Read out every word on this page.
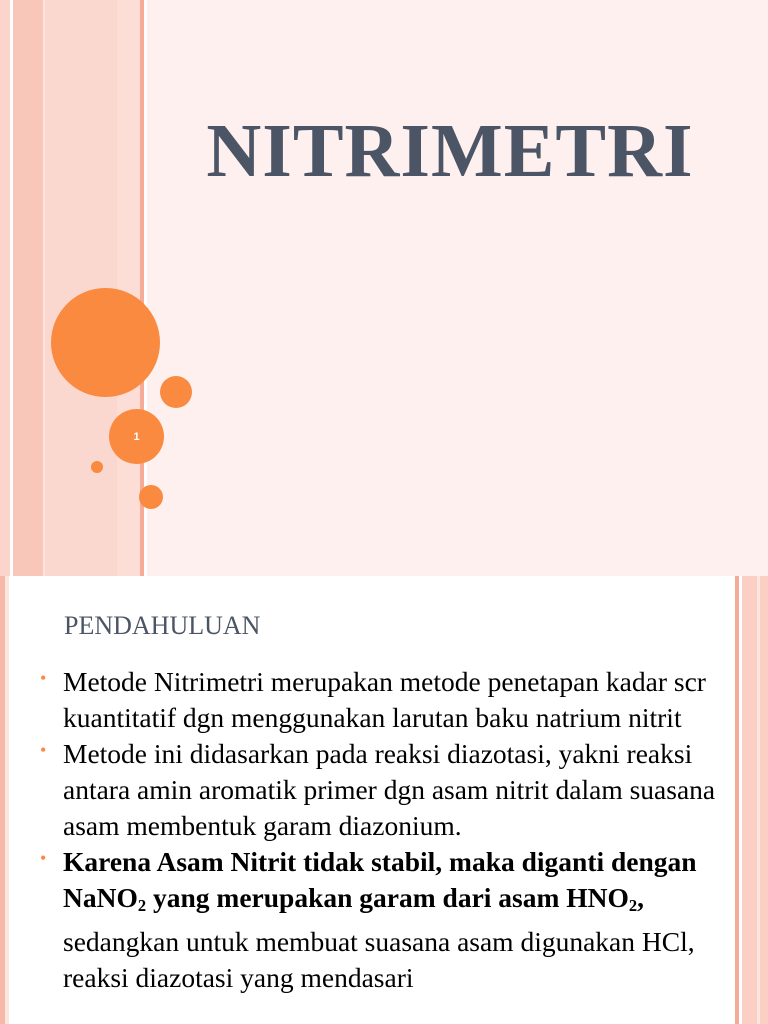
1
NITRIMETRI
PENDAHULUAN
• Metode Nitrimetri merupakan metode penetapan kadar scr kuantitatif dgn menggunakan larutan baku natrium nitrit
• Metode ini didasarkan pada reaksi diazotasi, yakni reaksi antara amin aromatik primer dgn asam nitrit dalam suasana asam membentuk garam diazonium.
• Karena Asam Nitrit tidak stabil, maka diganti dengan NaNO$_2$ yang merupakan garam dari asam $HNO_2$, sedangkan untuk membuat suasana asam digunakan HCl, reaksi diazotasi yang mendasari
